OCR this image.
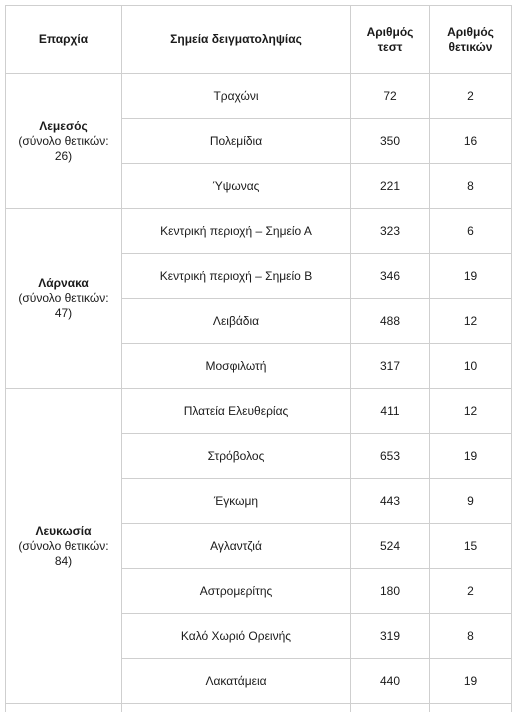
Επαρχία	Σημεία δειγματοληψίας	Αριθμός τεστ	Αριθμός θετικών

Λεμεσός
(σύνολο θετικών: 26)	Τραχώνι	72	2
	Πολεμίδια	350	16
	Ύψωνας	221	8

Λάρνακα
(σύνολο θετικών: 47)	Κεντρική περιοχή – Σημείο Α	323	6
	Κεντρική περιοχή – Σημείο Β	346	19
	Λειβάδια	488	12
	Μοσφιλωτή	317	10

Λευκωσία
(σύνολο θετικών: 84)	Πλατεία Ελευθερίας	411	12
	Στρόβολος	653	19
	Έγκωμη	443	9
	Αγλαντζιά	524	15
	Αστρομερίτης	180	2
	Καλό Χωριό Ορεινής	319	8
	Λακατάμεια	440	19
